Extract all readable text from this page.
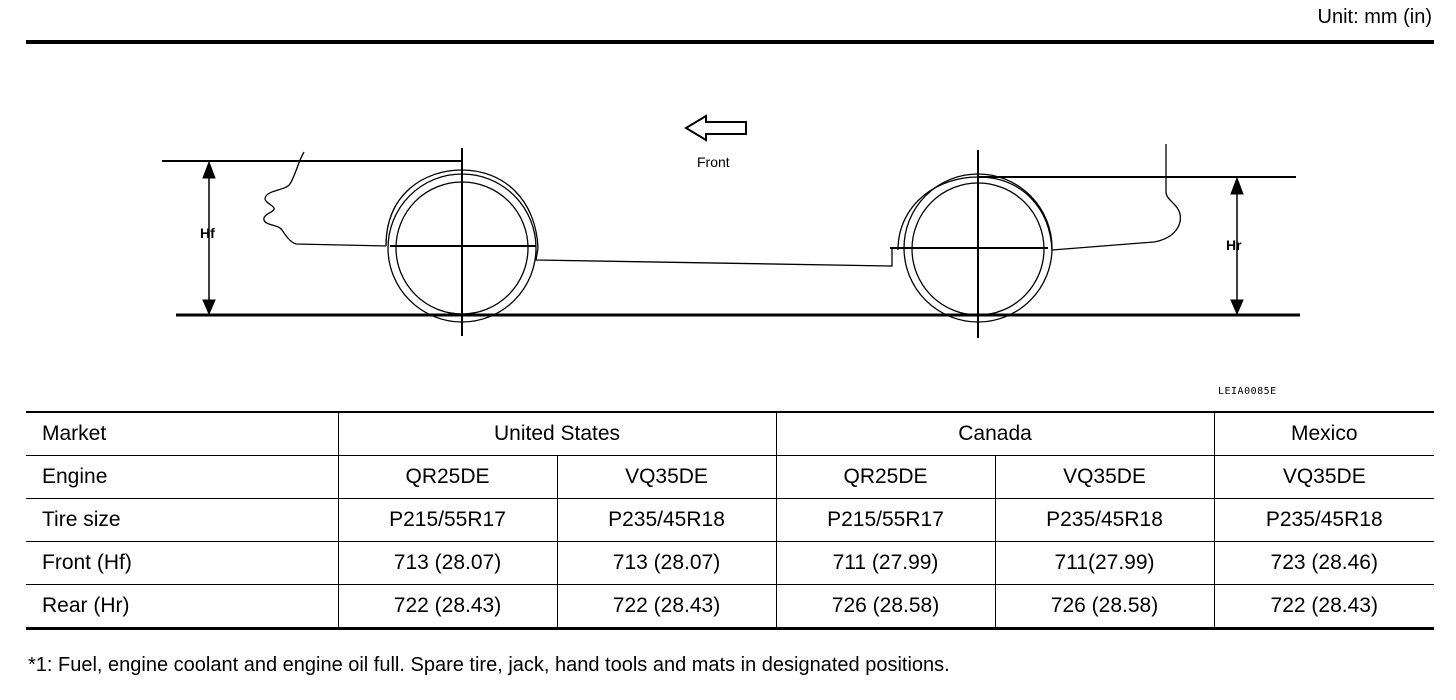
Unit: mm (in)
Front
Hf
Hr
LEIA0085E
Market	United States		Canada		Mexico
Engine	QR25DE	VQ35DE	QR25DE	VQ35DE	VQ35DE
Tire size	P215/55R17	P235/45R18	P215/55R17	P235/45R18	P235/45R18
Front (Hf)	713 (28.07)	713 (28.07)	711 (27.99)	711(27.99)	723 (28.46)
Rear (Hr)	722 (28.43)	722 (28.43)	726 (28.58)	726 (28.58)	722 (28.43)
*1: Fuel, engine coolant and engine oil full. Spare tire, jack, hand tools and mats in designated positions.
